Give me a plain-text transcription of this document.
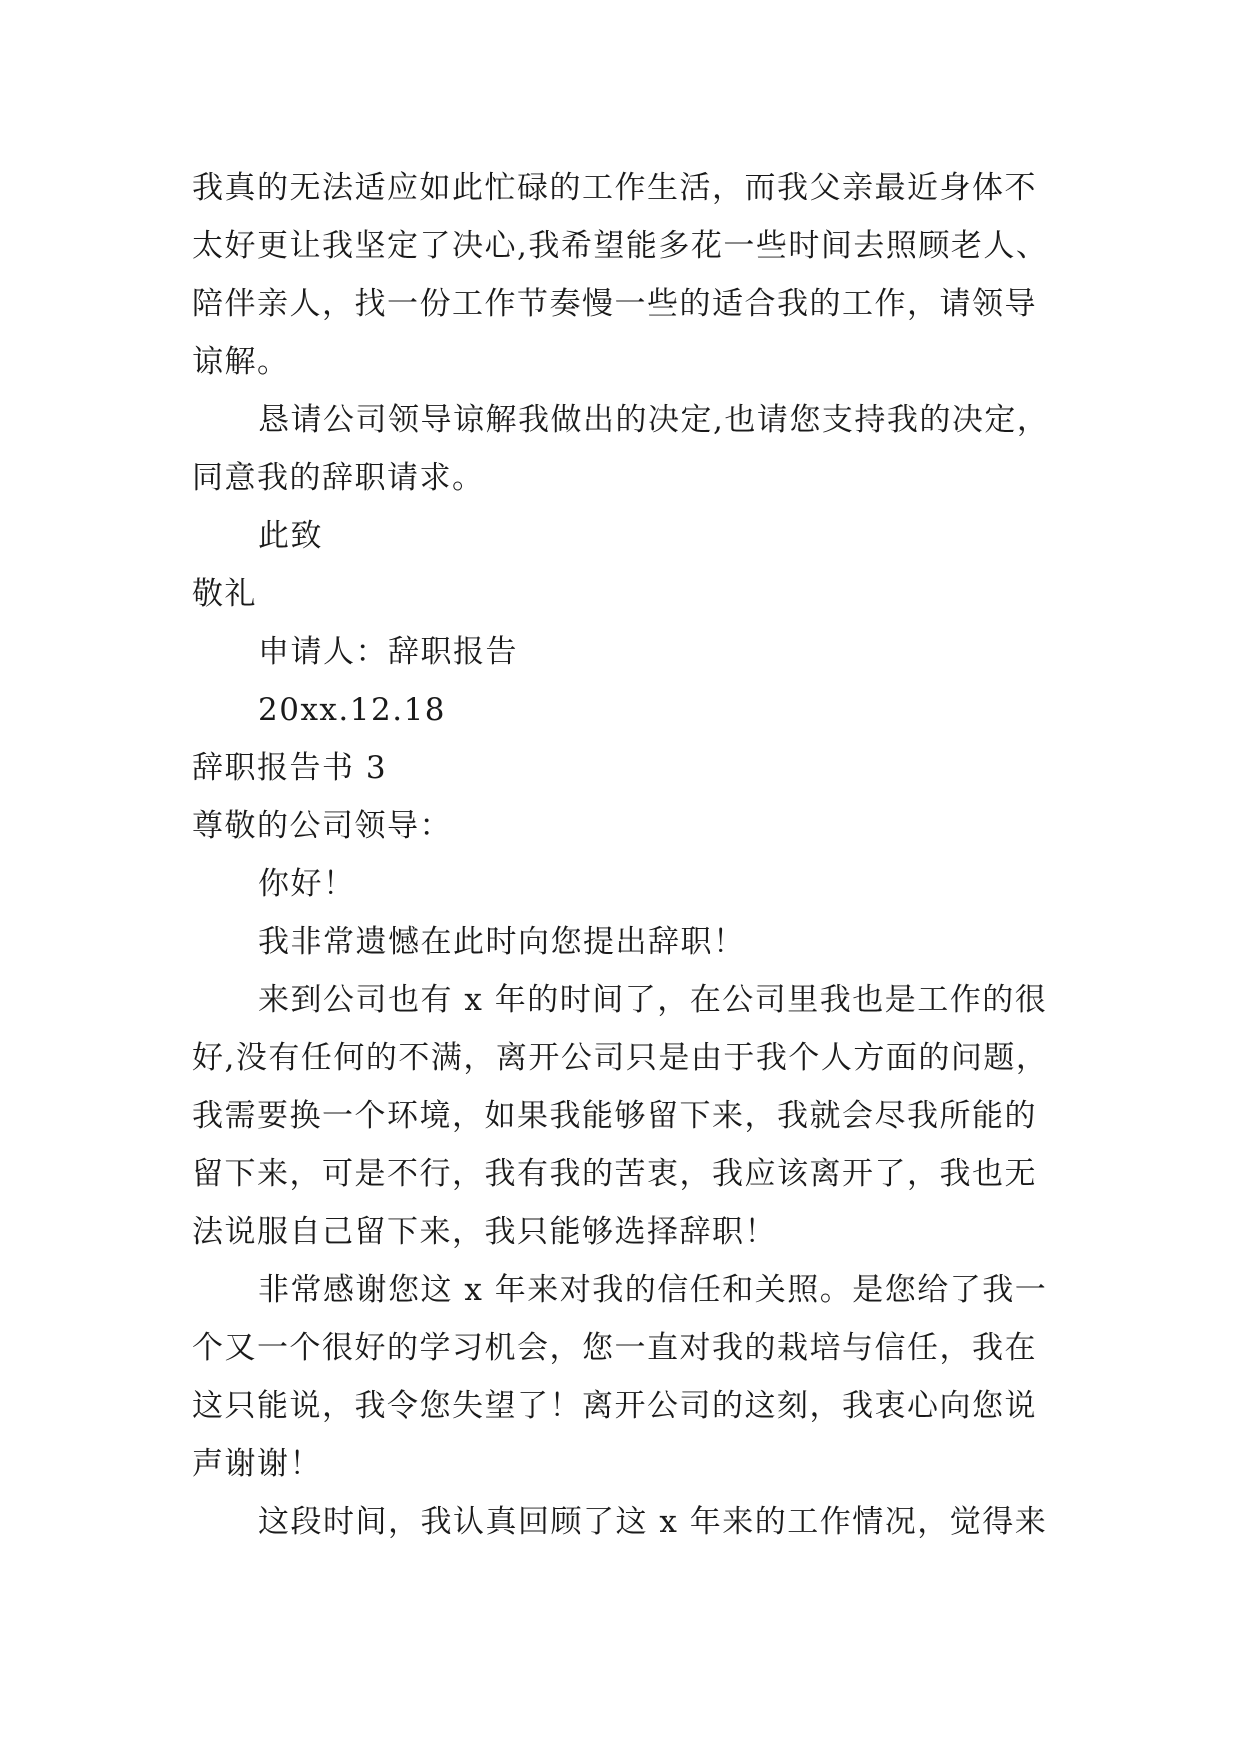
我真的无法适应如此忙碌的工作生活，而我父亲最近身体不

太好更让我坚定了决心,我希望能多花一些时间去照顾老人、

陪伴亲人，找一份工作节奏慢一些的适合我的工作，请领导

谅解。

恳请公司领导谅解我做出的决定,也请您支持我的决定，

同意我的辞职请求。

此致

敬礼

申请人：辞职报告

20xx.12.18

辞职报告书 3

尊敬的公司领导：

你好！

我非常遗憾在此时向您提出辞职！

来到公司也有 x 年的时间了，在公司里我也是工作的很

好,没有任何的不满，离开公司只是由于我个人方面的问题，

我需要换一个环境，如果我能够留下来，我就会尽我所能的

留下来，可是不行，我有我的苦衷，我应该离开了，我也无

法说服自己留下来，我只能够选择辞职！

非常感谢您这 x 年来对我的信任和关照。是您给了我一

个又一个很好的学习机会，您一直对我的栽培与信任，我在

这只能说，我令您失望了！离开公司的这刻，我衷心向您说

声谢谢！

这段时间，我认真回顾了这 x 年来的工作情况，觉得来
